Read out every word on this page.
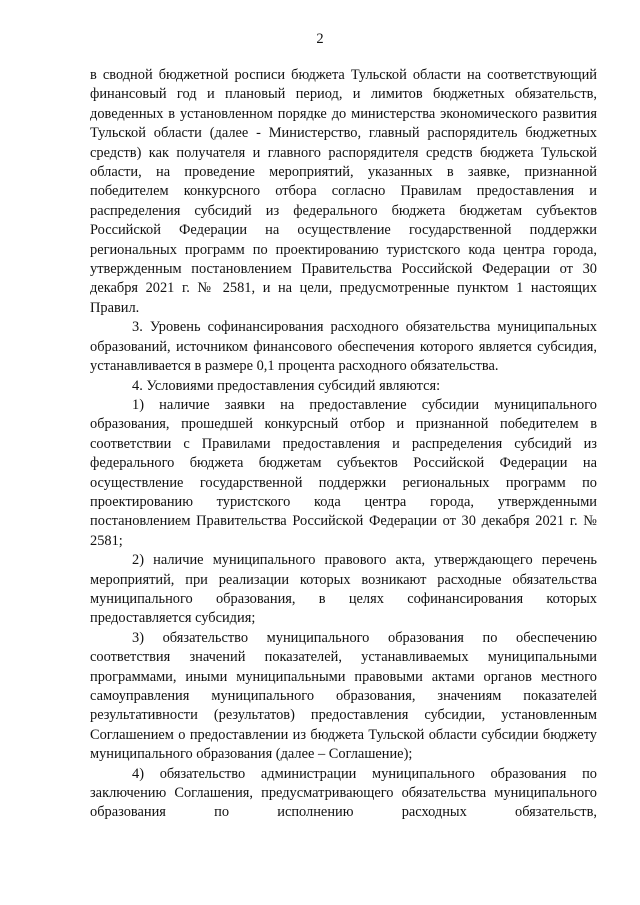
2

в сводной бюджетной росписи бюджета Тульской области на соответствующий финансовый год и плановый период, и лимитов бюджетных обязательств, доведенных в установленном порядке до министерства экономического развития Тульской области (далее - Министерство, главный распорядитель бюджетных средств) как получателя и главного распорядителя средств бюджета Тульской области, на проведение мероприятий, указанных в заявке, признанной победителем конкурсного отбора согласно Правилам предоставления и распределения субсидий из федерального бюджета бюджетам субъектов Российской Федерации на осуществление государственной поддержки региональных программ по проектированию туристского кода центра города, утвержденным постановлением Правительства Российской Федерации от 30 декабря 2021 г. № 2581, и на цели, предусмотренные пунктом 1 настоящих Правил.

3. Уровень софинансирования расходного обязательства муниципальных образований, источником финансового обеспечения которого является субсидия, устанавливается в размере 0,1 процента расходного обязательства.

4. Условиями предоставления субсидий являются:

1) наличие заявки на предоставление субсидии муниципального образования, прошедшей конкурсный отбор и признанной победителем в соответствии с Правилами предоставления и распределения субсидий из федерального бюджета бюджетам субъектов Российской Федерации на осуществление государственной поддержки региональных программ по проектированию туристского кода центра города, утвержденными постановлением Правительства Российской Федерации от 30 декабря 2021 г. № 2581;

2) наличие муниципального правового акта, утверждающего перечень мероприятий, при реализации которых возникают расходные обязательства муниципального образования, в целях софинансирования которых предоставляется субсидия;

3) обязательство муниципального образования по обеспечению соответствия значений показателей, устанавливаемых муниципальными программами, иными муниципальными правовыми актами органов местного самоуправления муниципального образования, значениям показателей результативности (результатов) предоставления субсидии, установленным Соглашением о предоставлении из бюджета Тульской области субсидии бюджету муниципального образования (далее – Соглашение);

4) обязательство администрации муниципального образования по заключению Соглашения, предусматривающего обязательства муниципального образования по исполнению расходных обязательств,
